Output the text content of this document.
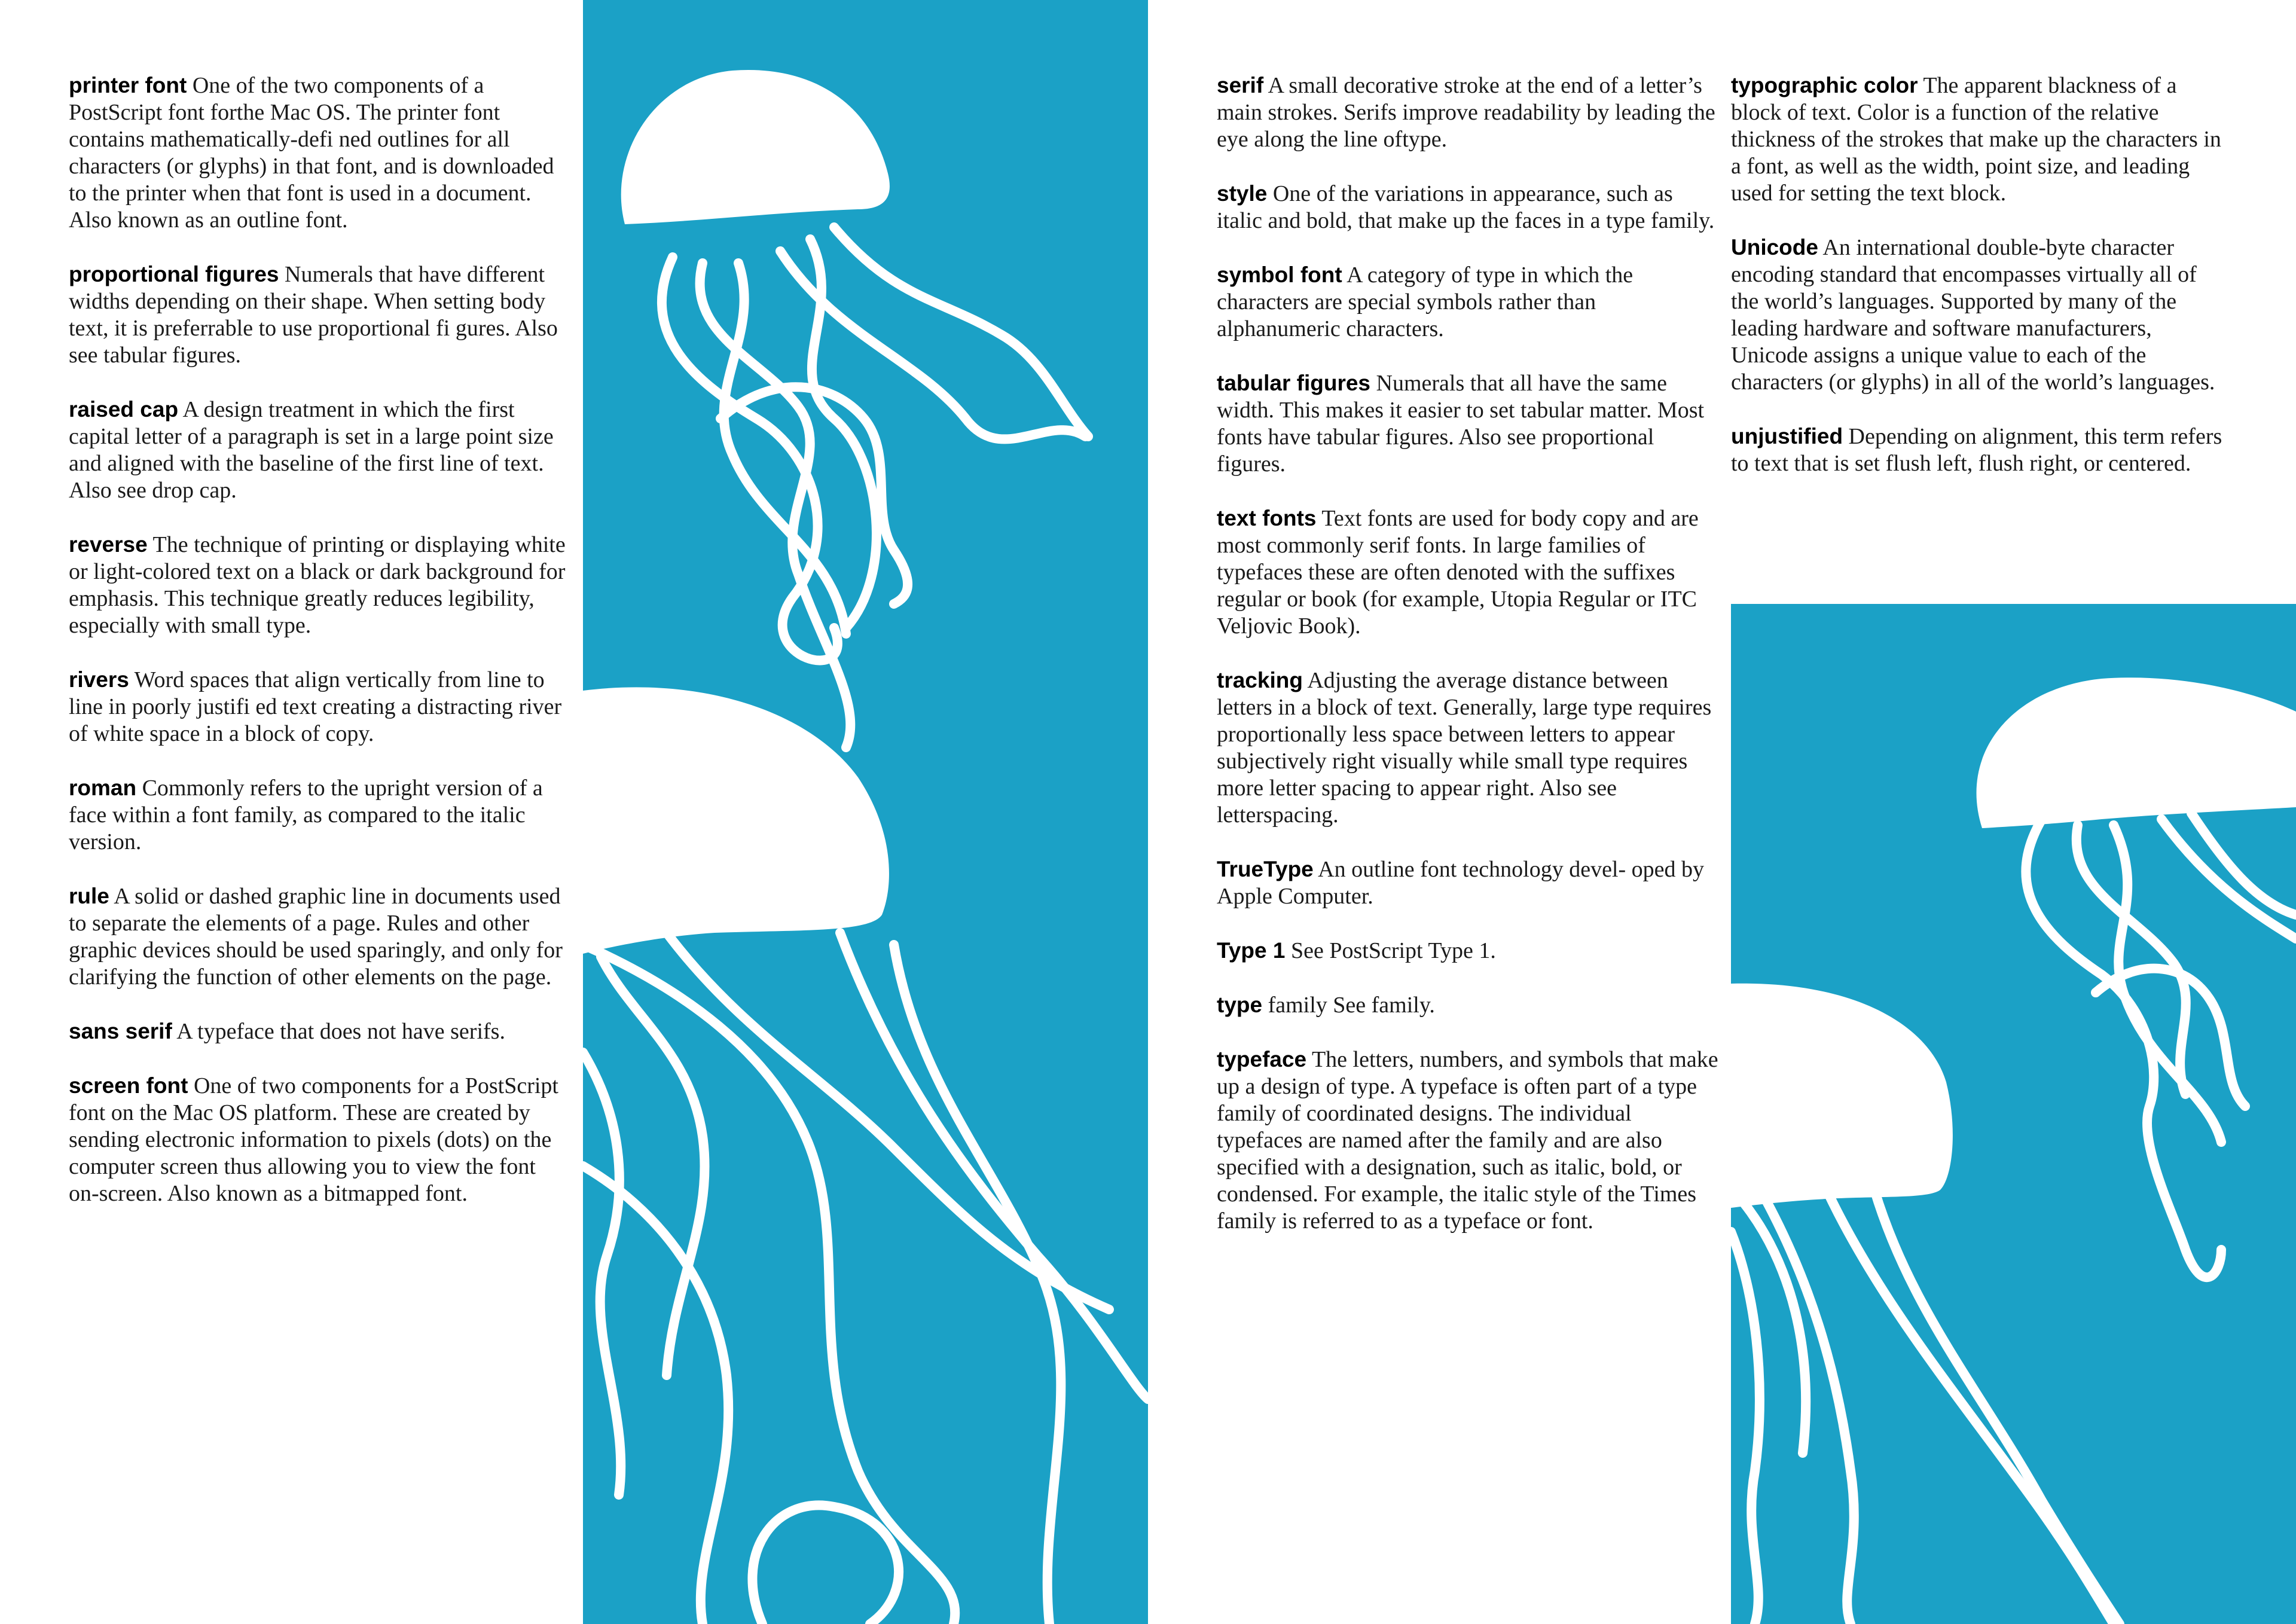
printer font One of the two components of a PostScript font forthe Mac OS. The printer font contains mathematically-defi ned outlines for all characters (or glyphs) in that font, and is downloaded to the printer when that font is used in a document. Also known as an outline font.

proportional figures Numerals that have different widths depending on their shape. When setting body text, it is preferrable to use proportional fi gures. Also see tabular figures.

raised cap A design treatment in which the first capital letter of a paragraph is set in a large point size and aligned with the baseline of the first line of text. Also see drop cap.

reverse The technique of printing or displaying white or light-colored text on a black or dark background for emphasis. This technique greatly reduces legibility, especially with small type.

rivers Word spaces that align vertically from line to line in poorly justifi ed text creating a distracting river of white space in a block of copy.

roman Commonly refers to the upright version of a face within a font family, as compared to the italic version.

rule A solid or dashed graphic line in documents used to separate the elements of a page. Rules and other graphic devices should be used sparingly, and only for clarifying the function of other elements on the page.

sans serif A typeface that does not have serifs.

screen font One of two components for a PostScript font on the Mac OS platform. These are created by sending electronic information to pixels (dots) on the computer screen thus allowing you to view the font on-screen. Also known as a bitmapped font.

serif A small decorative stroke at the end of a letter’s main strokes. Serifs improve readability by leading the eye along the line oftype.

style One of the variations in appearance, such as italic and bold, that make up the faces in a type family.

symbol font A category of type in which the characters are special symbols rather than alphanumeric characters.

tabular figures Numerals that all have the same width. This makes it easier to set tabular matter. Most fonts have tabular figures. Also see proportional figures.

text fonts Text fonts are used for body copy and are most commonly serif fonts. In large families of typefaces these are often denoted with the suffixes regular or book (for example, Utopia Regular or ITC Veljovic Book).

tracking Adjusting the average distance between letters in a block of text. Generally, large type requires proportionally less space between letters to appear subjectively right visually while small type requires more letter spacing to appear right. Also see letterspacing.

TrueType An outline font technology devel- oped by Apple Computer.

Type 1 See PostScript Type 1.

type family See family.

typeface The letters, numbers, and symbols that make up a design of type. A typeface is often part of a type family of coordinated designs. The individual typefaces are named after the family and are also specified with a designation, such as italic, bold, or condensed. For example, the italic style of the Times family is referred to as a typeface or font.

typographic color The apparent blackness of a block of text. Color is a function of the relative thickness of the strokes that make up the characters in a font, as well as the width, point size, and leading used for setting the text block.

Unicode An international double-byte character encoding standard that encompasses virtually all of the world’s languages. Supported by many of the leading hardware and software manufacturers, Unicode assigns a unique value to each of the characters (or glyphs) in all of the world’s languages.

unjustified Depending on alignment, this term refers to text that is set flush left, flush right, or centered.
